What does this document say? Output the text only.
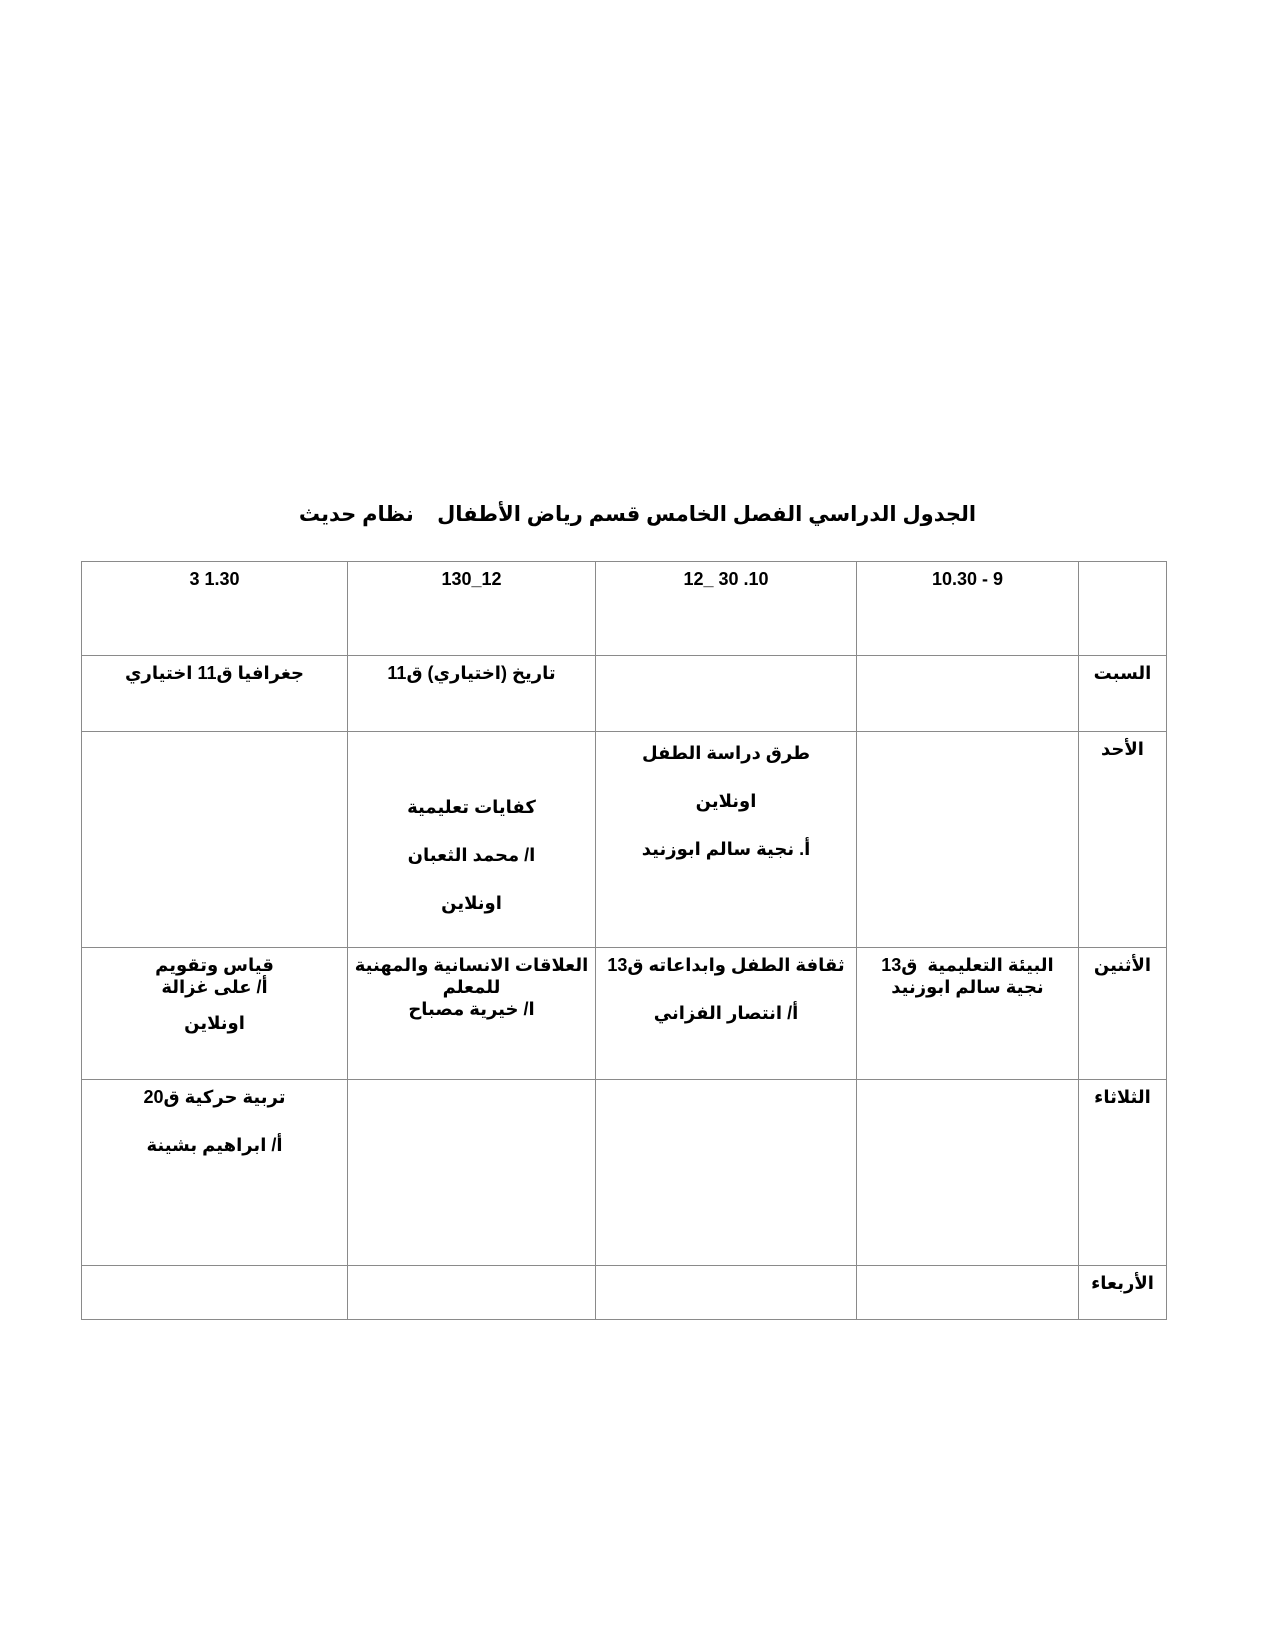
الجدول الدراسي الفصل الخامس قسم رياض الأطفال    نظام حديث
	9 - 10.30	10. 30 _12	12_130	1.30 3
السبت			تاريخ (اختياري) ق11	جغرافيا ق11 اختياري

الأحد		طرق دراسة الطفل
اونلاين
أ. نجية سالم ابوزنيد	كفايات تعليمية
ا/ محمد الثعبان
اونلاين	

الأثنين	البيئة التعليمية  ق13
نجية سالم ابوزنيد	ثقافة الطفل وابداعاته ق13
أ/ انتصار الفزاني	العلاقات الانسانية والمهنية
للمعلم
ا/ خيرية مصباح	قياس وتقويم
أ/ على غزالة
اونلاين

الثلاثاء				تربية حركية ق20
أ/ ابراهيم بشينة

الأربعاء				
